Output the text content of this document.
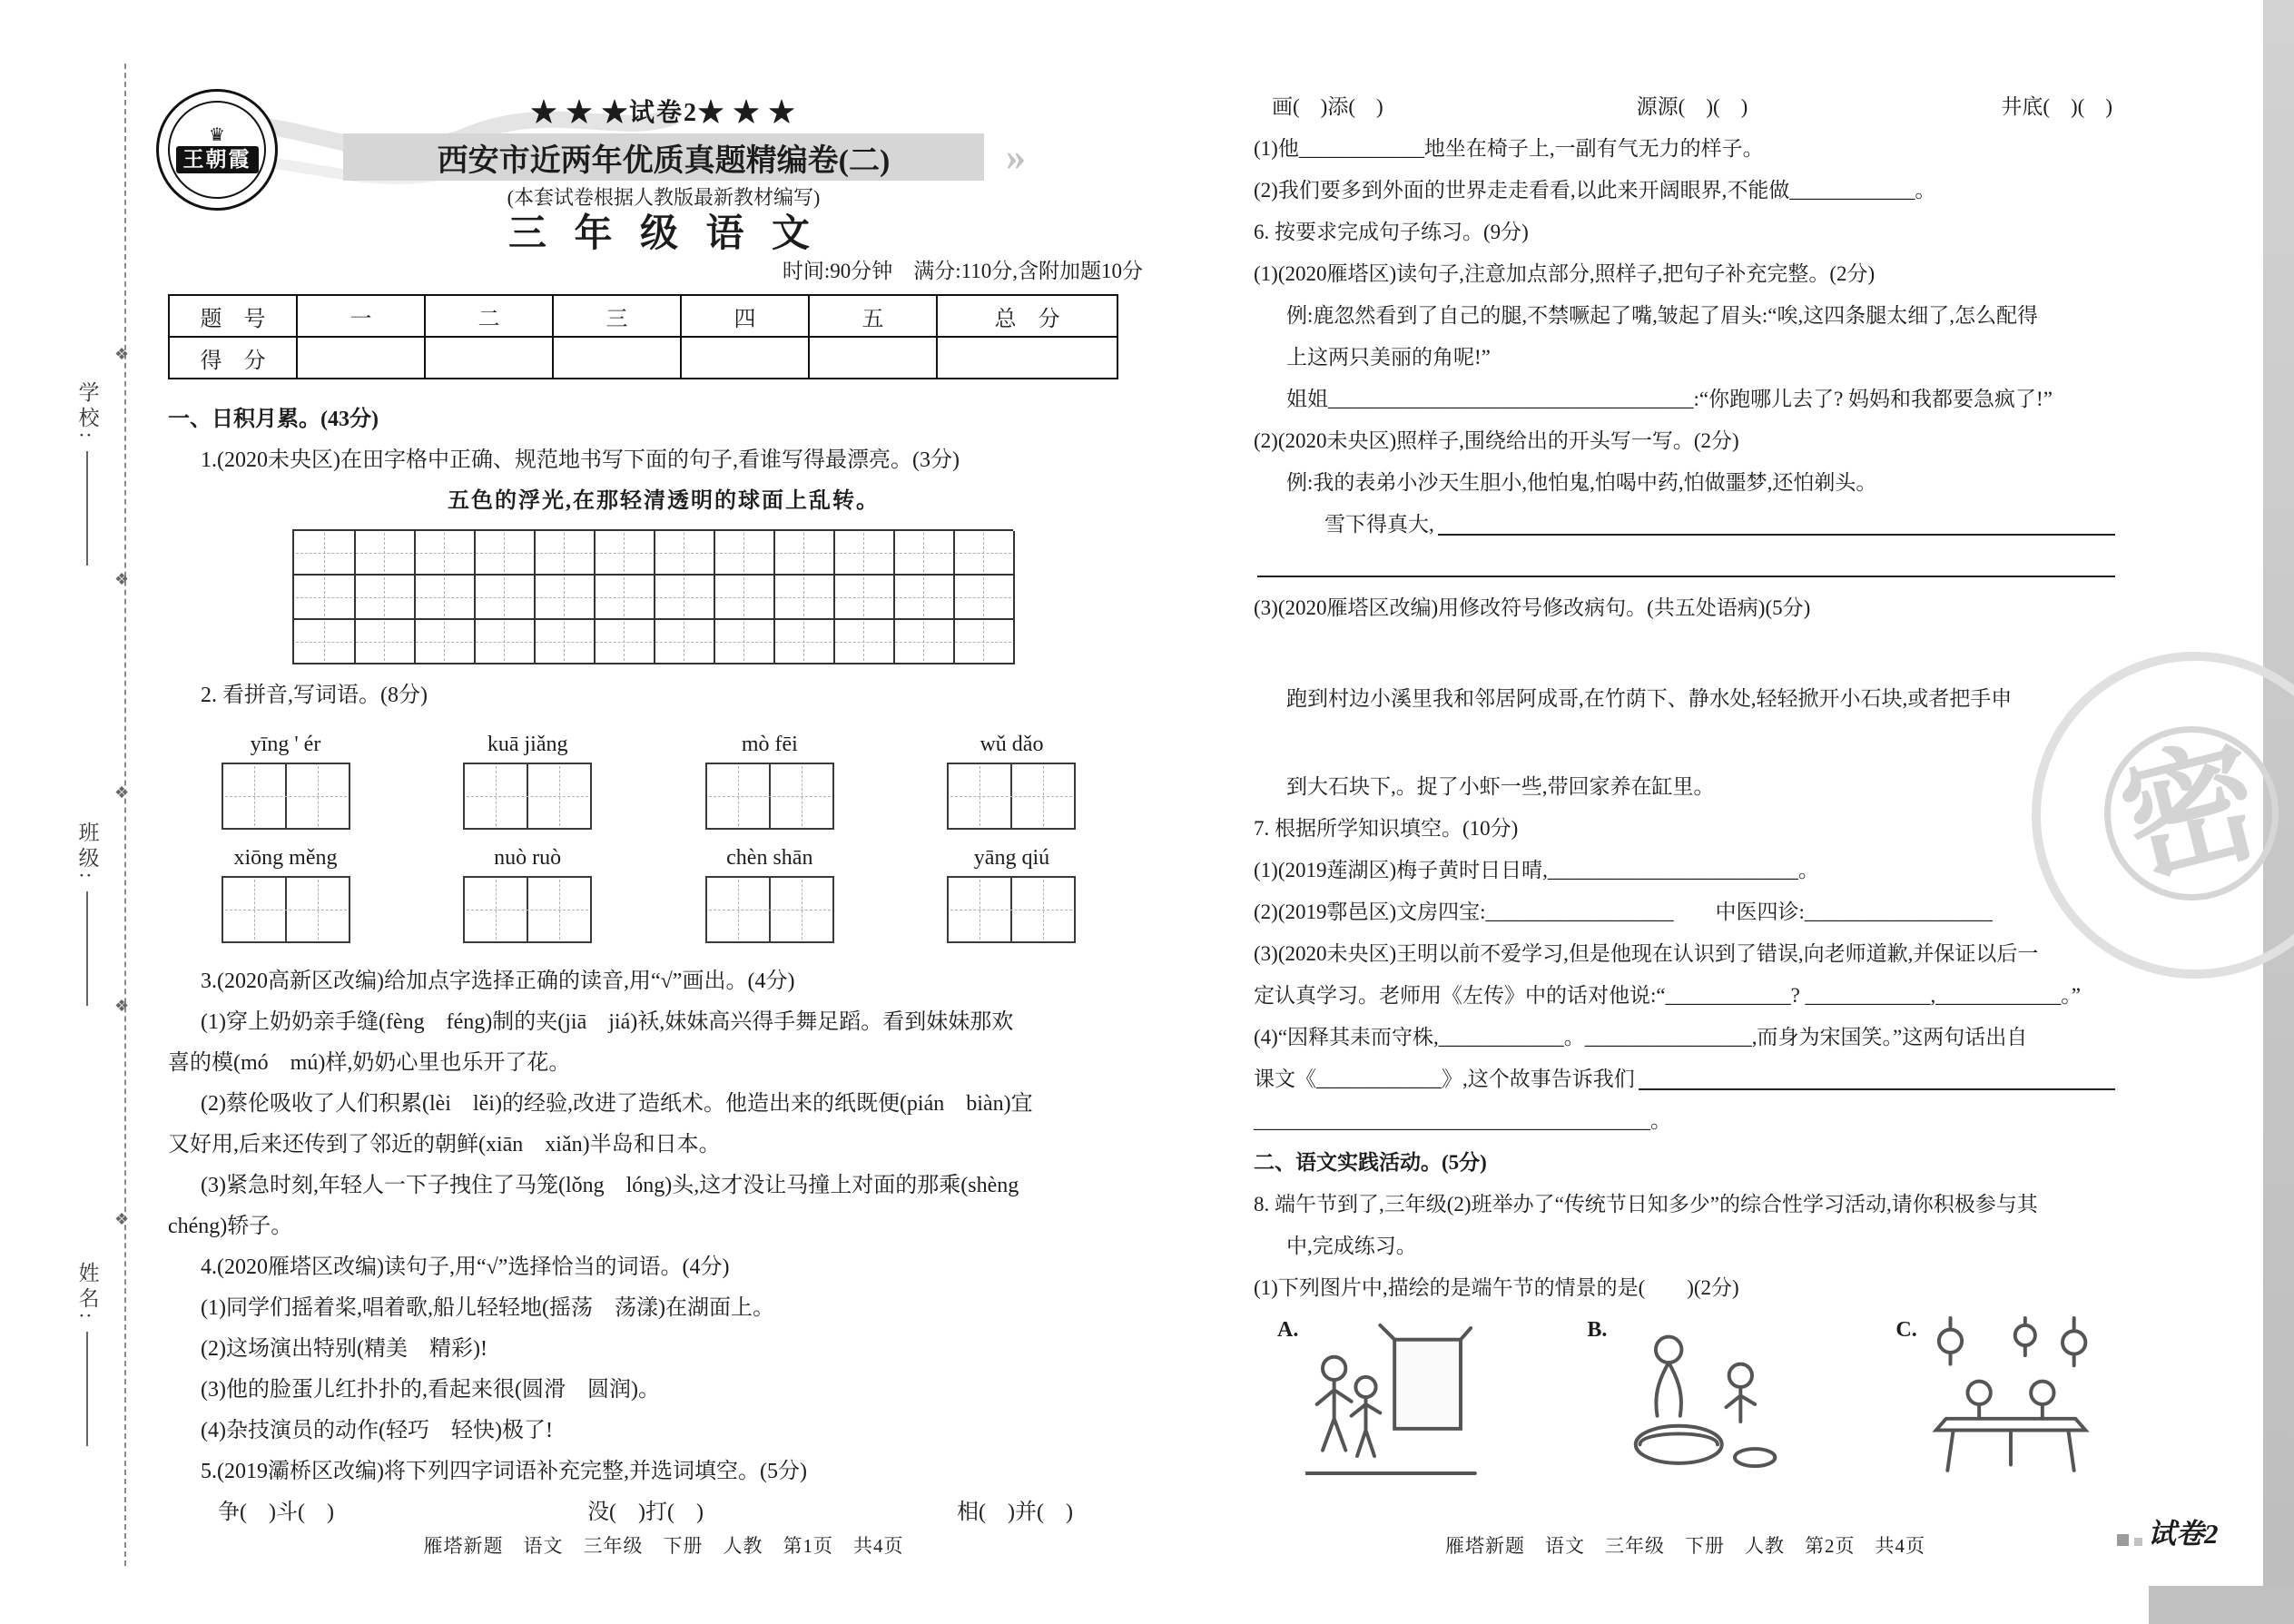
密
学校:
班级:
姓名:
❖
❖
❖
❖
❖
♛
王朝霞
★ ★ ★试卷2★ ★ ★
西安市近两年优质真题精编卷(二)	»
(本套试卷根据人教版最新教材编写)
三 年 级 语 文
时间:90分钟　满分:110分,含附加题10分
题　号	一	二	三	四	五	总　分
得　分						
一、日积月累。(43分)
1.(2020未央区)在田字格中正确、规范地书写下面的句子,看谁写得最漂亮。(3分)
五色的浮光,在那轻清透明的球面上乱转。
2. 看拼音,写词语。(8分)
yīng ' ér	kuā jiǎng	mò fēi	wǔ dǎo
xiōng měng	nuò ruò	chèn shān	yāng qiú
3.(2020高新区改编)给加点字选择正确的读音,用“√”画出。(4分)
(1)穿上奶奶亲手缝(fèng　féng)制的夹(jiā　jiá)袄,妹妹高兴得手舞足蹈。看到妹妹那欢
喜的模(mó　mú)样,奶奶心里也乐开了花。
(2)蔡伦吸收了人们积累(lèi　lěi)的经验,改进了造纸术。他造出来的纸既便(pián　biàn)宜
又好用,后来还传到了邻近的朝鲜(xiān　xiǎn)半岛和日本。
(3)紧急时刻,年轻人一下子拽住了马笼(lǒng　lóng)头,这才没让马撞上对面的那乘(shèng
chéng)轿子。
4.(2020雁塔区改编)读句子,用“√”选择恰当的词语。(4分)
(1)同学们摇着桨,唱着歌,船儿轻轻地(摇荡　荡漾)在湖面上。
(2)这场演出特别(精美　精彩)!
(3)他的脸蛋儿红扑扑的,看起来很(圆滑　圆润)。
(4)杂技演员的动作(轻巧　轻快)极了!
5.(2019灞桥区改编)将下列四字词语补充完整,并选词填空。(5分)
争(　)斗(　)	没(　)打(　)	相(　)并(　)
画(　)添(　)	源源(　)(　)	井底(　)(　)
(1)他____________地坐在椅子上,一副有气无力的样子。
(2)我们要多到外面的世界走走看看,以此来开阔眼界,不能做____________。
6. 按要求完成句子练习。(9分)
(1)(2020雁塔区)读句子,注意加点部分,照样子,把句子补充完整。(2分)
例:鹿忽然看到了自己的腿,不禁噘起了嘴,皱起了眉头:“唉,这四条腿太细了,怎么配得
上这两只美丽的角呢!”
姐姐___________________________________:“你跑哪儿去了? 妈妈和我都要急疯了!”
(2)(2020未央区)照样子,围绕给出的开头写一写。(2分)
例:我的表弟小沙天生胆小,他怕鬼,怕喝中药,怕做噩梦,还怕剃头。
雪下得真大,
(3)(2020雁塔区改编)用修改符号修改病句。(共五处语病)(5分)
跑到村边小溪里我和邻居阿成哥,在竹荫下、静水处,轻轻掀开小石块,或者把手申
到大石块下,。捉了小虾一些,带回家养在缸里。
7. 根据所学知识填空。(10分)
(1)(2019莲湖区)梅子黄时日日晴,________________________。
(2)(2019鄠邑区)文房四宝:__________________　　中医四诊:__________________
(3)(2020未央区)王明以前不爱学习,但是他现在认识到了错误,向老师道歉,并保证以后一
定认真学习。老师用《左传》中的话对他说:“____________? ____________,____________。”
(4)“因释其耒而守株,____________。________________,而身为宋国笑。”这两句话出自
课文《____________》,这个故事告诉我们
______________________________________。
二、语文实践活动。(5分)
8. 端午节到了,三年级(2)班举办了“传统节日知多少”的综合性学习活动,请你积极参与其
中,完成练习。
(1)下列图片中,描绘的是端午节的情景的是(　　)(2分)
A.	B.	C.
雁塔新题　语文　三年级　下册　人教　第1页　共4页	雁塔新题　语文　三年级　下册　人教　第2页　共4页	试卷2
